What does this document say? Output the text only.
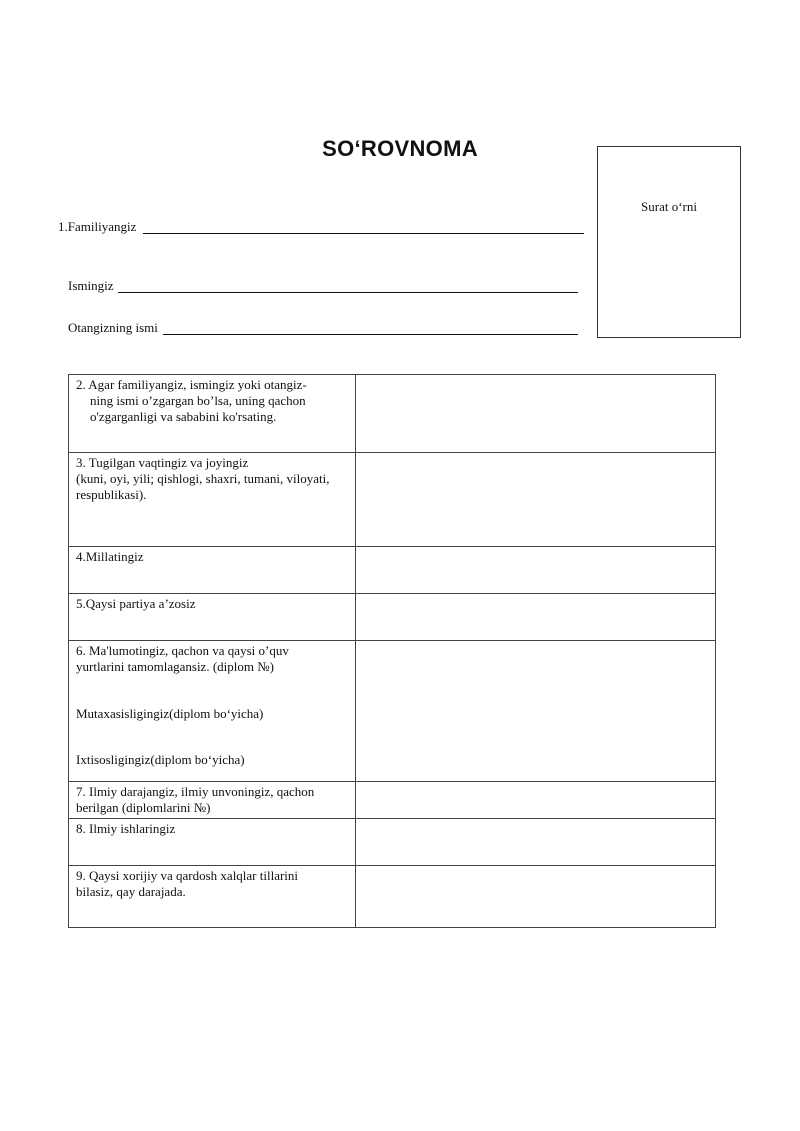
SO‘ROVNOMA
Surat o‘rni
1.Familiyangiz
Ismingiz
Otangizning ismi
2. Agar familiyangiz, ismingiz yoki otangiz-

ning ismi o’zgargan bo’lsa, uning qachon
o'zgarganligi va sababini ko'rsating.	

3. Tugilgan vaqtingiz va joyingiz
(kuni, oyi, yili; qishlogi, shaxri, tumani, viloyati,
respublikasi).	
4.Millatingiz	
5.Qaysi partiya a’zosiz	
6. Ma'lumotingiz, qachon va qaysi o’quv
yurtlarini tamomlagansiz. (diplom №)
Mutaxasisligingiz(diplom bo‘yicha)
Ixtisosligingiz(diplom bo‘yicha)	
7. Ilmiy darajangiz, ilmiy unvoningiz, qachon
berilgan (diplomlarini №)	
8. Ilmiy ishlaringiz	
9. Qaysi xorijiy va qardosh xalqlar tillarini
bilasiz, qay darajada.	
